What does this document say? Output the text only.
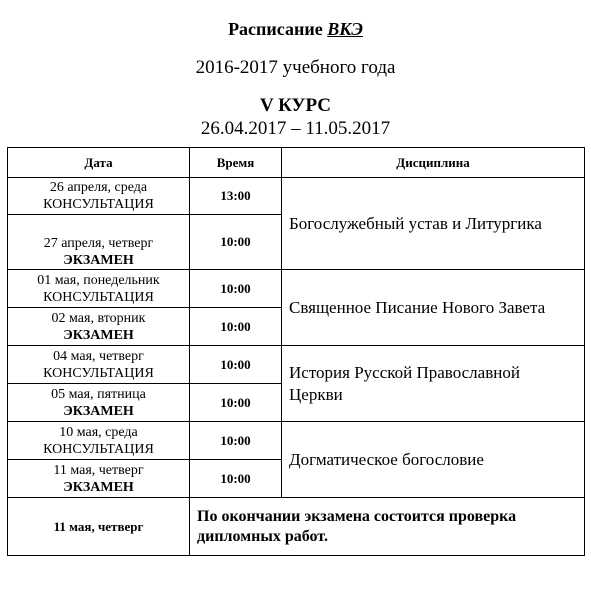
Расписание ВКЭ
2016-2017 учебного года
V КУРС
26.04.2017 – 11.05.2017
Дата	Время	Дисциплина

26 апреля, среда
КОНСУЛЬТАЦИЯ	13:00	Богослужебный устав и Литургика

27 апреля, четверг
ЭКЗАМЕН	10:00	

01 мая, понедельник
КОНСУЛЬТАЦИЯ	10:00	Священное Писание Нового Завета

02 мая, вторник
ЭКЗАМЕН	10:00	

04 мая, четверг
КОНСУЛЬТАЦИЯ	10:00	История Русской Православной Церкви

05 мая, пятница
ЭКЗАМЕН	10:00	

10 мая, среда
КОНСУЛЬТАЦИЯ	10:00	Догматическое богословие

11 мая, четверг
ЭКЗАМЕН	10:00	
11 мая, четверг	По окончании экзамена состоится проверка дипломных работ.	
